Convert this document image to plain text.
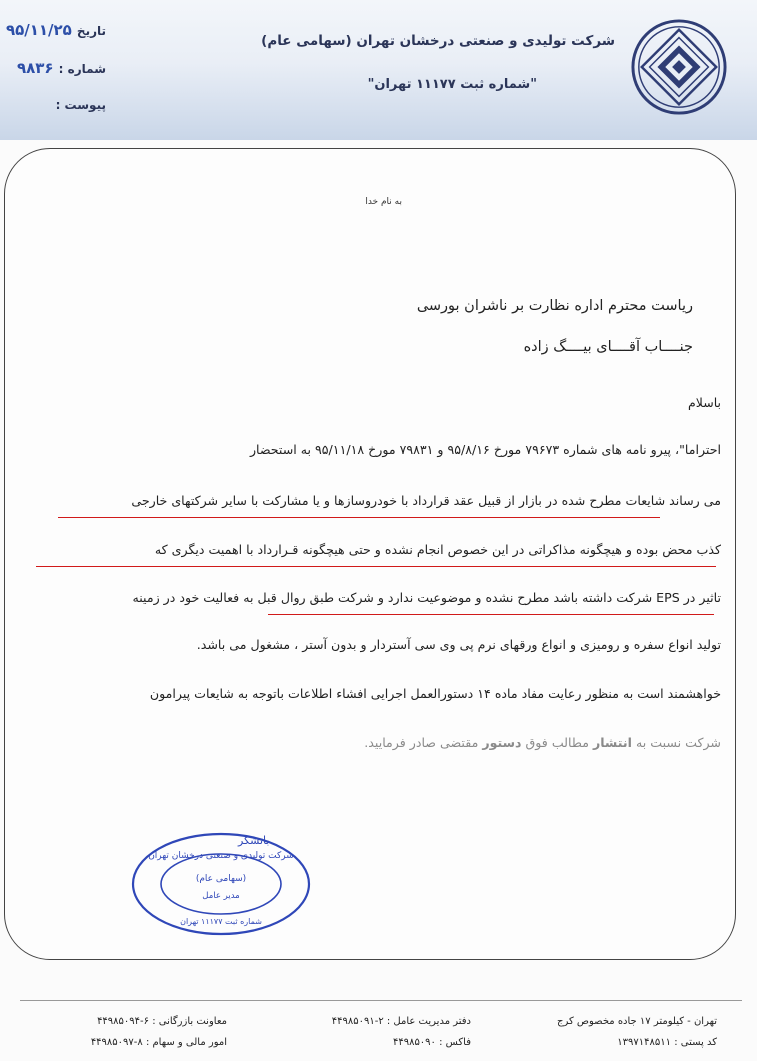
شرکت تولیدی و صنعتی درخشان تهران (سهامی عام)
"شماره ثبت ۱۱۱۷۷ تهران"
تاریخ ۹۵/۱۱/۲۵
شماره : ۹۸۳۶
پیوست :
به نام خدا
ریاست محترم اداره نظارت بر ناشران بورسی
جنــــاب آقــــای بیــــگ زاده
باسلام
احتراما"، پیرو نامه های شماره ۷۹۶۷۳ مورخ ۹۵/۸/۱۶ و ۷۹۸۳۱ مورخ ۹۵/۱۱/۱۸ به استحضار
می رساند شایعات مطرح شده در بازار از قبیل عقد قرارداد با خودروسازها و یا مشارکت با سایر شرکتهای خارجی
کذب محض بوده و هیچگونه مذاکراتی در این خصوص انجام نشده و حتی هیچگونه قـرارداد با اهمیت دیگری که
تاثیر در EPS شرکت داشته باشد مطرح نشده و موضوعیت ندارد و شرکت طبق روال قبل به فعالیت خود در زمینه
تولید انواع سفره و رومیزی و انواع ورقهای نرم پی وی سی آستردار و بدون آستر ، مشغول می باشد.
خواهشمند است به منظور رعایت مفاد ماده ۱۴ دستورالعمل اجرایی افشاء اطلاعات باتوجه به شایعات پیرامون
شرکت نسبت به انتشار مطالب فوق دستور مقتضی صادر فرمایید.
باتشکر
شرکت تولیدی و صنعتی درخشان تهران
(سهامی عام)
مدیر عامل
شماره ثبت ۱۱۱۷۷ تهران
تهران - کیلومتر ۱۷ جاده مخصوص کرج
کد پستی : ۱۳۹۷۱۴۸۵۱۱
دفتر مدیریت عامل : ۲-۴۴۹۸۵۰۹۱
فاکس : ۴۴۹۸۵۰۹۰
معاونت بازرگانی : ۶-۴۴۹۸۵۰۹۴
امور مالی و سهام : ۸-۴۴۹۸۵۰۹۷
